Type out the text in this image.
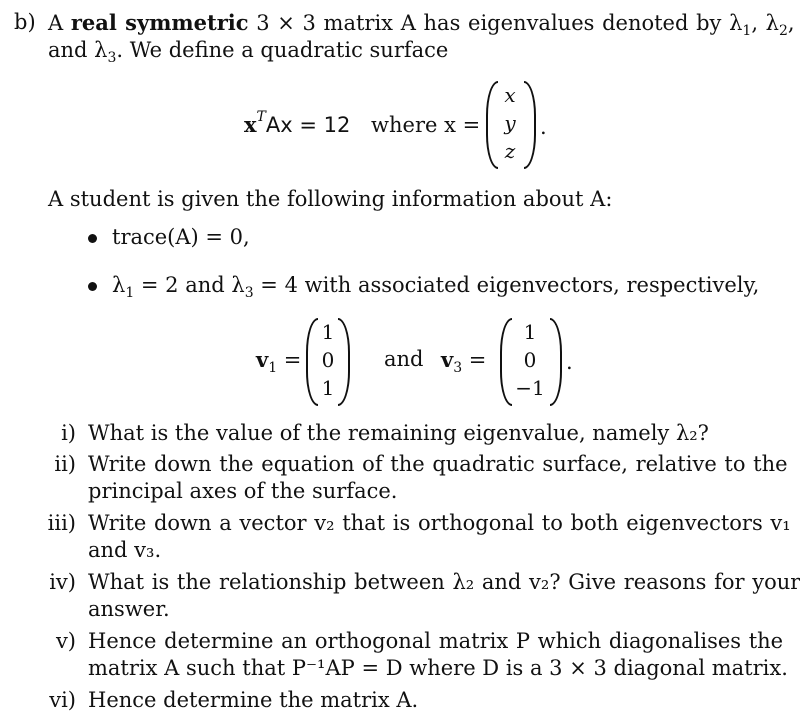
b) A real symmetric 3 × 3 matrix A has eigenvalues denoted by $\lambda_1$, $\lambda_2$,
and $\lambda_3$. We define a quadratic surface
$x^TAx = 12$ where x =
x
y
z
.
A student is given the following information about A:
trace(A) = 0,
$\lambda_1 = 2$ and $\lambda_3 = 4$ with associated eigenvectors, respectively,
$v_1$ =
1
0
1
and $v_3$ =
1
0
−1
.
i) What is the value of the remaining eigenvalue, namely λ₂?
ii) Write down the equation of the quadratic surface, relative to the
principal axes of the surface.
iii) Write down a vector v₂ that is orthogonal to both eigenvectors v₁
and v₃.
iv) What is the relationship between λ₂ and v₂? Give reasons for your
answer.
v) Hence determine an orthogonal matrix P which diagonalises the
matrix A such that P⁻¹AP = D where D is a 3 × 3 diagonal matrix.
vi) Hence determine the matrix A.
